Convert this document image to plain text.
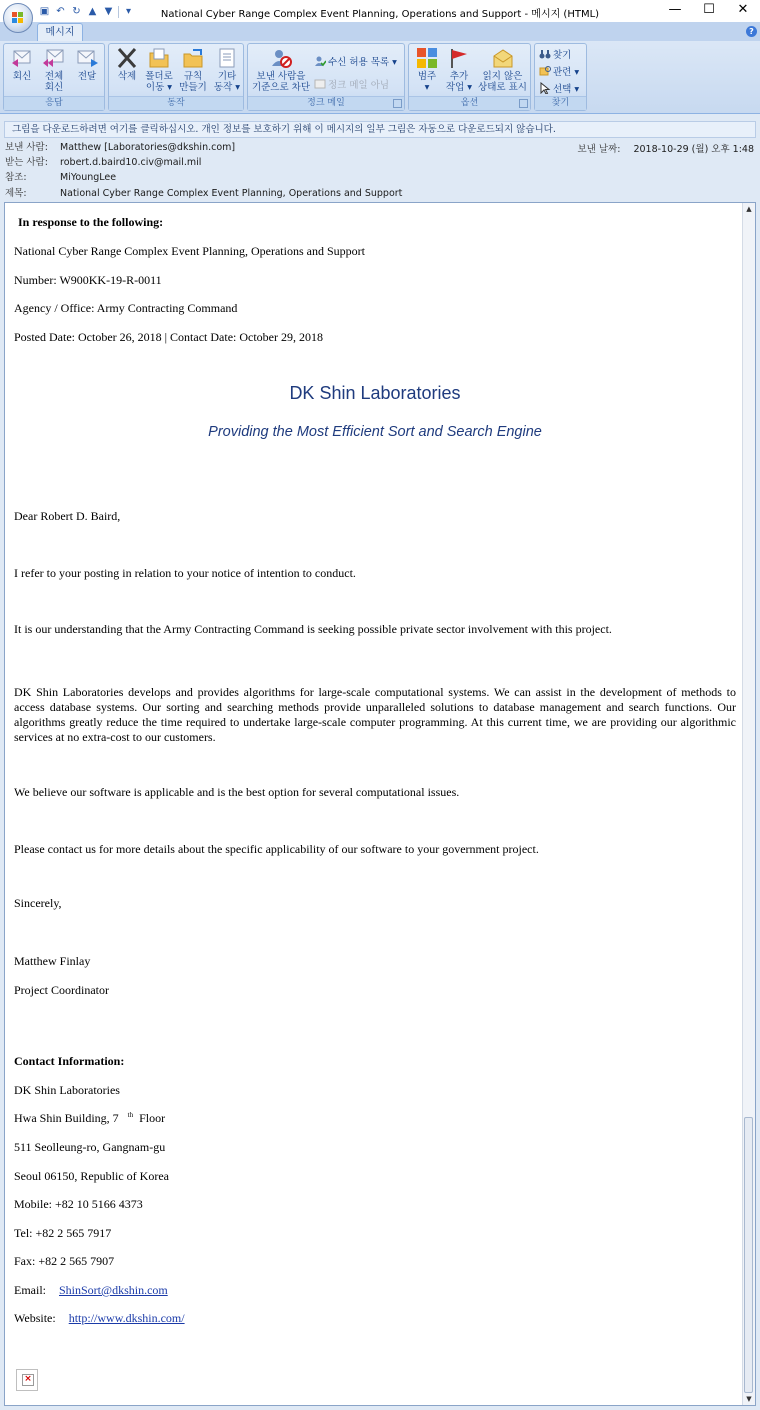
▣ ↶ ↻ ▲ ▼	▾	National Cyber Range Complex Event Planning, Operations and Support - 메시지 (HTML)	—	☐	✕
메시지	?
회신	전체
회신
전달
응답
삭제 폴더로
이동 ▾
규칙
만들기
기타
동작 ▾
동작
보낸 사람을
기준으로 차단
수신 허용 목록 ▾
정크 메일 아님
정크 메일
범주
▾
추가
작업 ▾
읽지 않은
상태로 표시
옵션
찾기
관련 ▾
선택 ▾
찾기
그림을 다운로드하려면 여기를 클릭하십시오. 개인 정보를 보호하기 위해 이 메시지의 일부 그림은 자동으로 다운로드되지 않습니다.
보낸 사람: Matthew [Laboratories@dkshin.com]	보낸 날짜: 2018-10-29 (월) 오후 1:48
받는 사람: robert.d.baird10.civ@mail.mil
참조:	MiYoungLee
제목:	National Cyber Range Complex Event Planning, Operations and Support
In response to the following:
National Cyber Range Complex Event Planning, Operations and Support
Number: W900KK-19-R-0011
Agency / Office: Army Contracting Command
Posted Date: October 26, 2018 | Contact Date: October 29, 2018
DK Shin Laboratories
Providing the Most Efficient Sort and Search Engine
Dear Robert D. Baird,
I refer to your posting in relation to your notice of intention to conduct.
It is our understanding that the Army Contracting Command is seeking possible private sector involvement with this project.
DK Shin Laboratories develops and provides algorithms for large-scale computational systems. We can assist in the development of methods to access database systems. Our sorting and searching methods provide unparalleled solutions to database management and search functions. Our algorithms greatly reduce the time required to undertake large-scale computer programming. At this current time, we are providing our algorithmic services at no extra-cost to our customers.
We believe our software is applicable and is the best option for several computational issues.
Please contact us for more details about the specific applicability of our software to your government project.
Sincerely,
Matthew Finlay
Project Coordinator
Contact Information:
DK Shin Laboratories
Hwa Shin Building, 7 $^{th}$ Floor
511 Seolleung-ro, Gangnam-gu
Seoul 06150, Republic of Korea
Mobile: +82 10 5166 4373
Tel: +82 2 565 7917
Fax: +82 2 565 7907
Email: ShinSort@dkshin.com
Website: http://www.dkshin.com/
×
▲
▼
